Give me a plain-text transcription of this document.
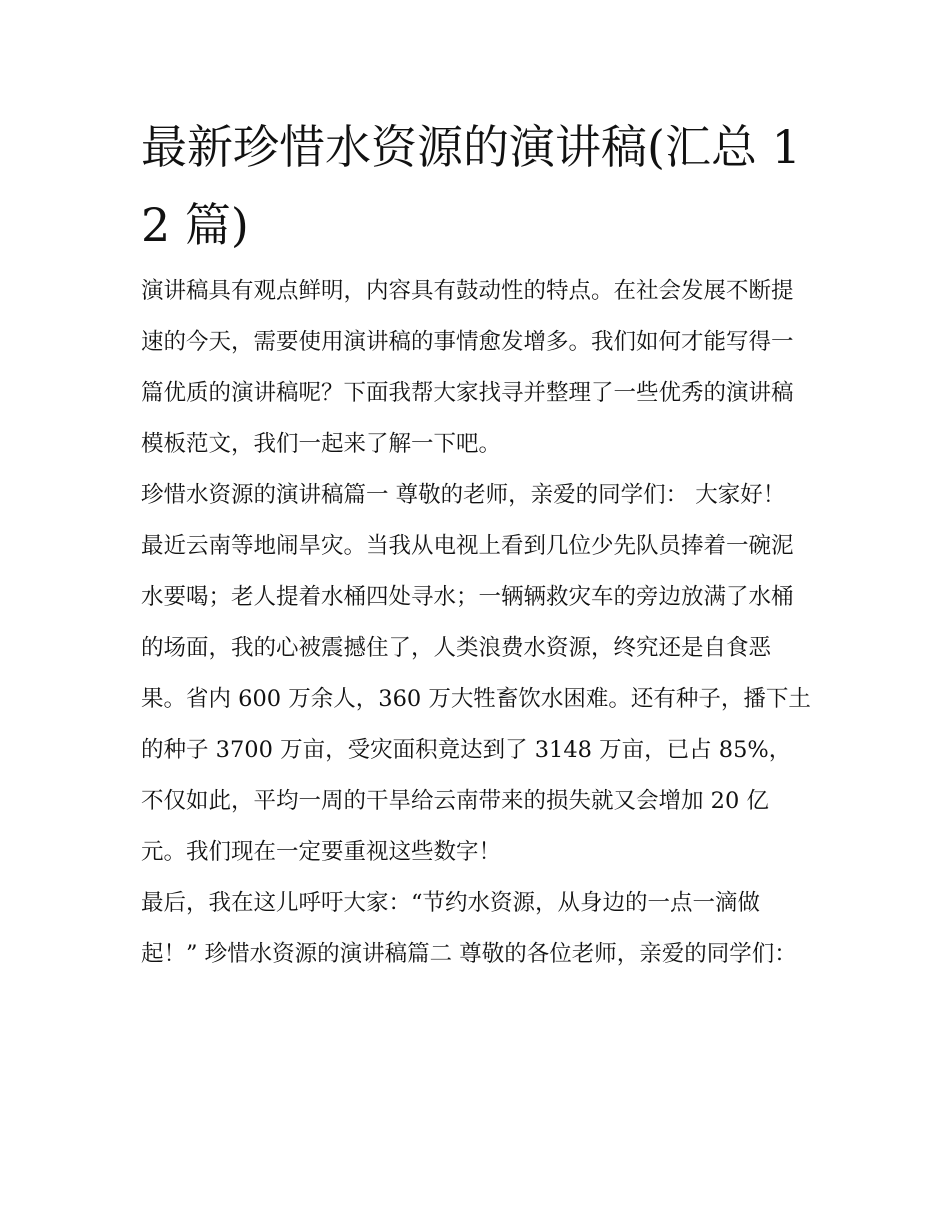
最新珍惜水资源的演讲稿(汇总 12 篇)

演讲稿具有观点鲜明，内容具有鼓动性的特点。在社会发展不断提速的今天，需要使用演讲稿的事情愈发增多。我们如何才能写得一篇优质的演讲稿呢？下面我帮大家找寻并整理了一些优秀的演讲稿模板范文，我们一起来了解一下吧。

珍惜水资源的演讲稿篇一 尊敬的老师，亲爱的同学们： 大家好！

最近云南等地闹旱灾。当我从电视上看到几位少先队员捧着一碗泥水要喝；老人提着水桶四处寻水；一辆辆救灾车的旁边放满了水桶的场面，我的心被震撼住了，人类浪费水资源，终究还是自食恶果。省内 600 万余人，360 万大牲畜饮水困难。还有种子，播下土的种子 3700 万亩，受灾面积竟达到了 3148 万亩，已占 85%，不仅如此，平均一周的干旱给云南带来的损失就又会增加 20 亿元。我们现在一定要重视这些数字！

最后，我在这儿呼吁大家：“节约水资源，从身边的一点一滴做起！” 珍惜水资源的演讲稿篇二 尊敬的各位老师，亲爱的同学们：
